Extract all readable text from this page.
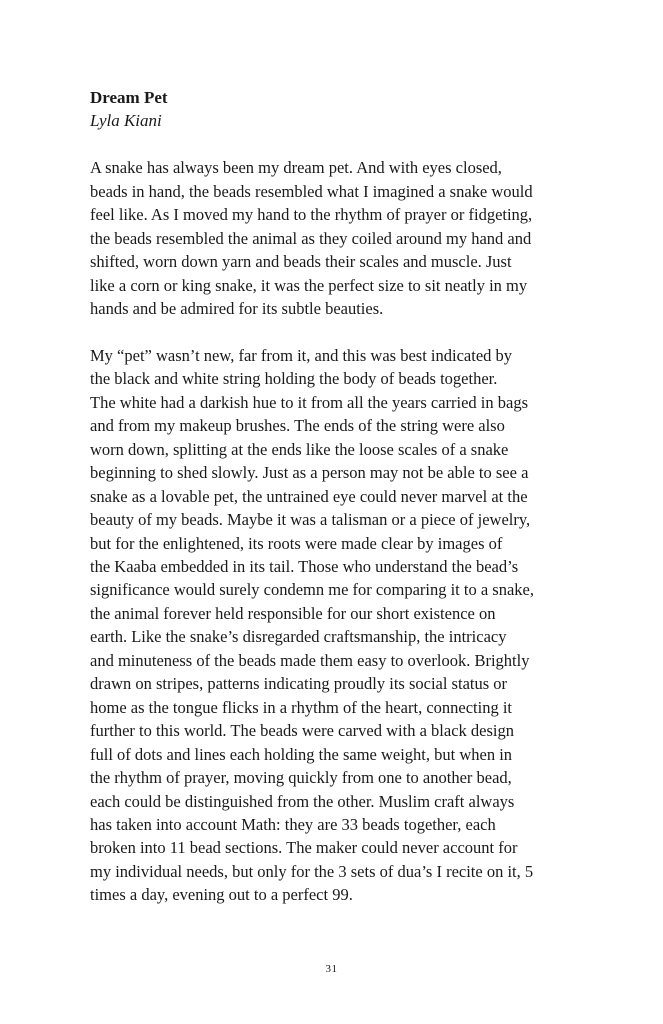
Dream Pet
Lyla Kiani
A snake has always been my dream pet. And with eyes closed,
beads in hand, the beads resembled what I imagined a snake would
feel like. As I moved my hand to the rhythm of prayer or fidgeting,
the beads resembled the animal as they coiled around my hand and
shifted, worn down yarn and beads their scales and muscle. Just
like a corn or king snake, it was the perfect size to sit neatly in my
hands and be admired for its subtle beauties.
My “pet” wasn’t new, far from it, and this was best indicated by
the black and white string holding the body of beads together.
The white had a darkish hue to it from all the years carried in bags
and from my makeup brushes. The ends of the string were also
worn down, splitting at the ends like the loose scales of a snake
beginning to shed slowly. Just as a person may not be able to see a
snake as a lovable pet, the untrained eye could never marvel at the
beauty of my beads. Maybe it was a talisman or a piece of jewelry,
but for the enlightened, its roots were made clear by images of
the Kaaba embedded in its tail. Those who understand the bead’s
significance would surely condemn me for comparing it to a snake,
the animal forever held responsible for our short existence on
earth. Like the snake’s disregarded craftsmanship, the intricacy
and minuteness of the beads made them easy to overlook. Brightly
drawn on stripes, patterns indicating proudly its social status or
home as the tongue flicks in a rhythm of the heart, connecting it
further to this world. The beads were carved with a black design
full of dots and lines each holding the same weight, but when in
the rhythm of prayer, moving quickly from one to another bead,
each could be distinguished from the other. Muslim craft always
has taken into account Math: they are 33 beads together, each
broken into 11 bead sections. The maker could never account for
my individual needs, but only for the 3 sets of dua’s I recite on it, 5
times a day, evening out to a perfect 99.
31
